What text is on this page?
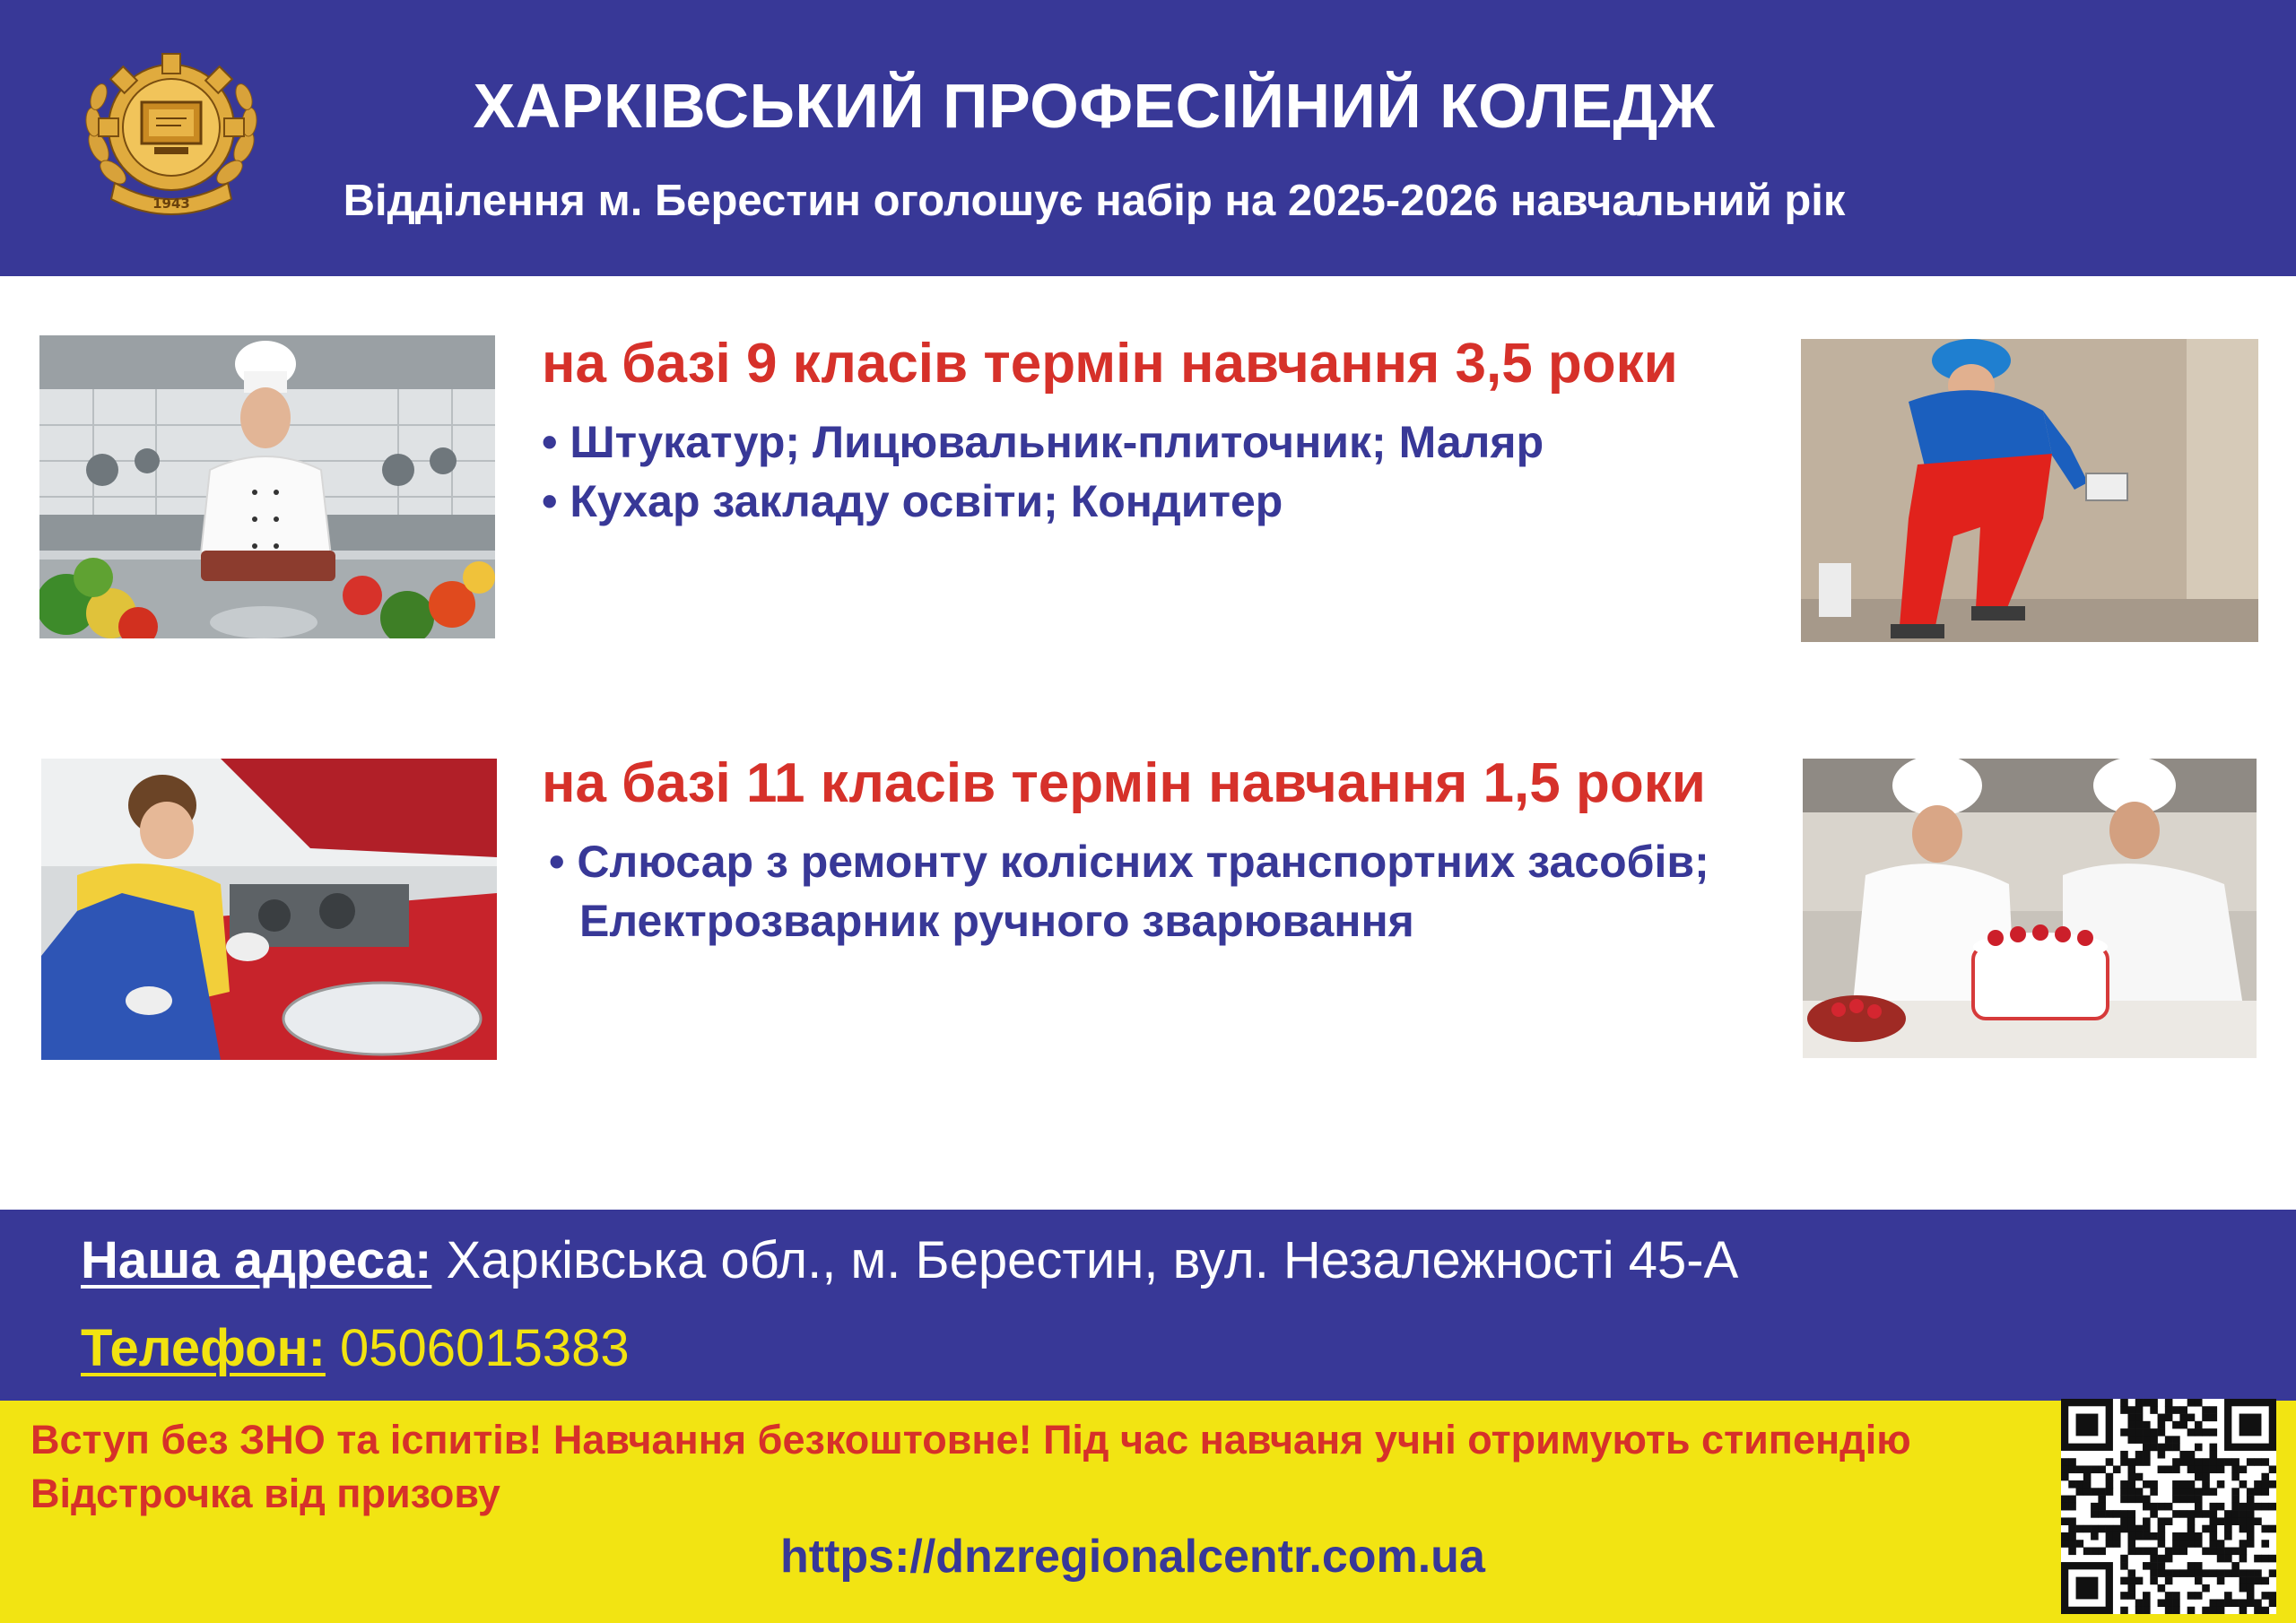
1943
ХАРКІВСЬКИЙ ПРОФЕСІЙНИЙ КОЛЕДЖ
Відділення м. Берестин оголошує набір на 2025-2026 навчальний рік
на базі 9 класів термін навчання 3,5 роки
• Штукатур; Лицювальник-плиточник; Маляр
• Кухар закладу освіти; Кондитер
на базі 11 класів термін навчання 1,5 роки
• Слюсар з ремонту колісних транспортних засобів;
Електрозварник ручного зварювання
Наша адреса: Харківська обл., м. Берестин, вул. Незалежності 45-А
Телефон: 0506015383
Вступ без ЗНО та іспитів! Навчання безкоштовне! Під час навчаня учні отримують стипендію
Відстрочка від призову
https://dnzregionalcentr.com.ua
